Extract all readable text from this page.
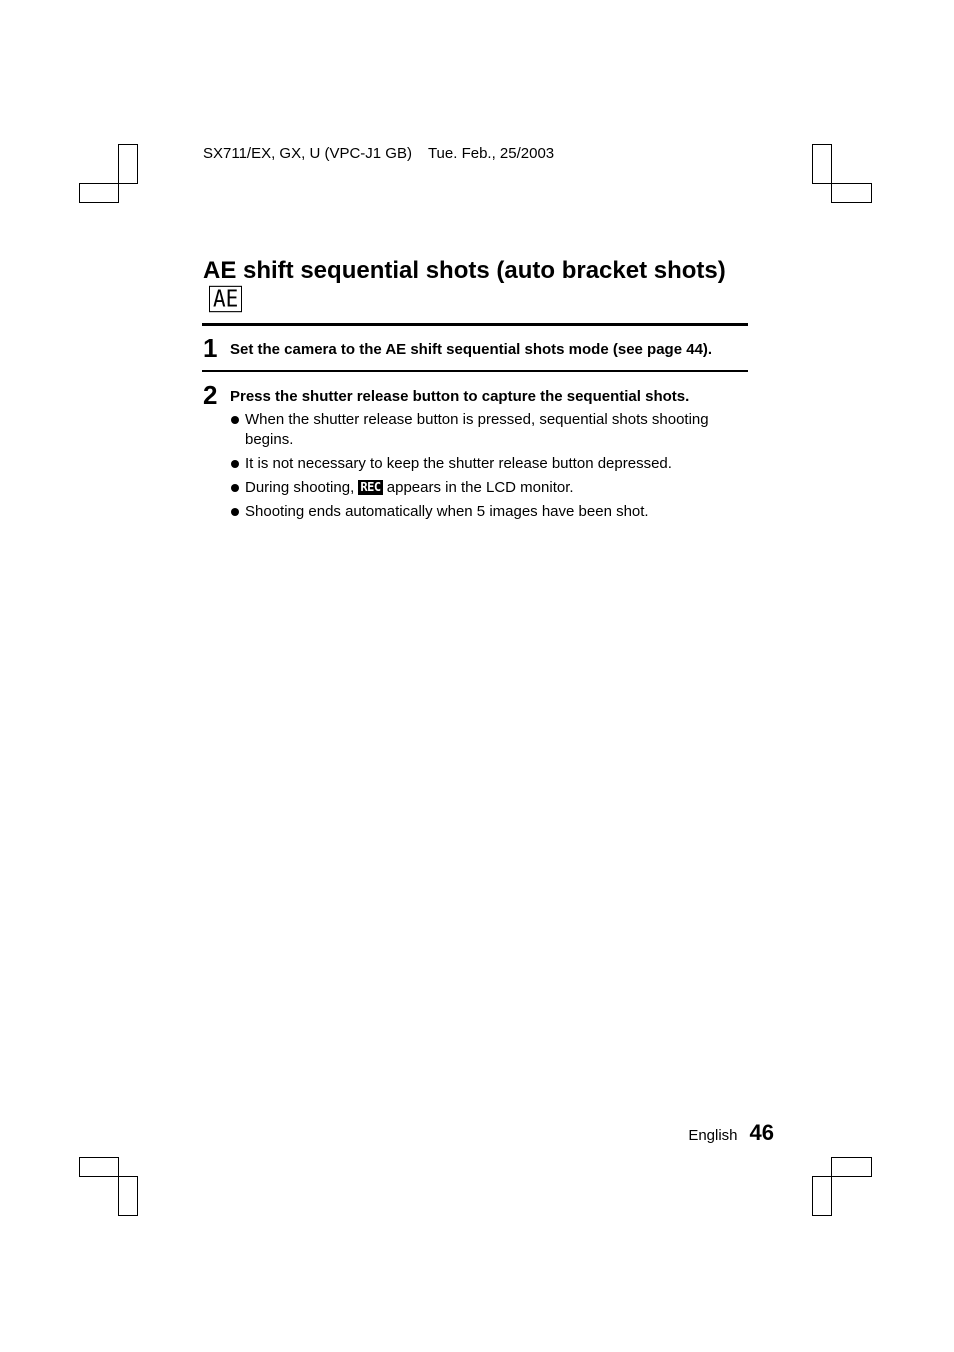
SX711/EX, GX, U (VPC-J1 GB) Tue. Feb., 25/2003
AE shift sequential shots (auto bracket shots)AE
1 Set the camera to the AE shift sequential shots mode (see page 44).
2 Press the shutter release button to capture the sequential shots.
When the shutter release button is pressed, sequential shots shooting begins.
It is not necessary to keep the shutter release button depressed.
During shooting, REC appears in the LCD monitor.
Shooting ends automatically when 5 images have been shot.
English 46
